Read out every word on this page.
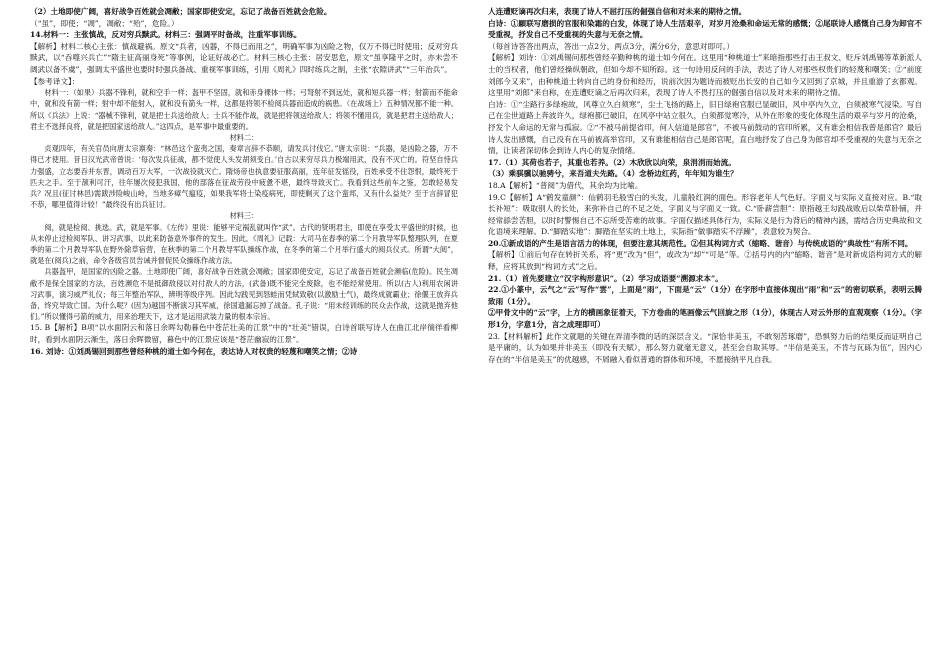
（2）土地即使广阔，喜好战争百姓就会凋敝；国家即使安定，忘记了战备百姓就会危险。

（“虽”，即使；“凋”，凋敝；“殆”，危险。）

14.材料一：主张慎战，反对穷兵黩武。材料三：强调平时备战，注重军事训练。

【解析】材料二核心主张：慎战避祸。原文“兵者，凶器，不得已而用之”，明确军事为凶险之物，仅万不得已时使用；反对穷兵黩武，以“吞噬兴兵亡”“隋主征高丽身死”等事例，论证好战必亡。材料三核心主张：居安思危，原文“虽享隆平之时，亦未尝不阔武以备不虞”，强调太平盛世也要时时强兵备战、重视军事训练，引用《周礼》四时练兵之制，主张“农隙讲武”“三年治兵”。

【参考译文】：

材料一：（如果）兵器不锋利，就和空手一样；盔甲不坚固，就和赤身裸体一样；弓弩射不到远处，就和短兵器一样；射箭而不能命中，就和没有箭一样；射中却不能射入，就和没有箭头一样，这都是将领不检阅兵器而造成的祸患。（在战场上）五种情况都不能一种。所以《兵法》上说：“器械不锋利，就是把士兵送给敌人；士兵不能作战，就是把将领送给敌人；将领不懂用兵，就是把君主送给敌人；君主不选择良将，就是把国家送给敌人。”这四点，是军事中最重要的。

材料二：

贞观四年，有关官员向唐太宗禀奏：“林邑这个蛮夷之国，奏章言辞不恭顺，请发兵讨伐它。”唐太宗说：“兵器，是凶险之器，万不得已才使用。昔日汉光武帝曾说：‘每次发兵征战，都不觉使人头发胡须变白。’自古以来穷尽兵力极端用武，没有不灭亡的。符坚自恃兵力强盛，立志要吞并东晋，调动百万大军，一次战役就灭亡。隋炀帝也执意要征服高丽，连年征发徭役，百姓承受不住怨恨，最终死于匹夫之手。至于颉利可汗，往年屡次侵犯我国，他的部落在征战劳役中疲惫不堪，最终导致灭亡。我看到这些前车之鉴，怎敢轻易发兵？况且(征讨林邑)需跋涉险峻山岭，当地多瘴气瘟疫，如果我军将士染疫病死，即使剿灭了这个蛮邦，又有什么益处？至于言辞冒犯不恭，哪里值得计较！”最终没有出兵征讨。

材料三：

阅，就是检阅、挑选。武，就是军事。《左传》里说：能够平定祸乱就叫作“武”。古代的贤明君主，即使在享受太平盛世的时候，也从未停止过检阅军队、讲习武事，以此来防备意外事件的发生。因此，《周礼》记载：大司马在春季的第二个月教导军队整理队列，在夏季的第二个月教导军队在野外除草宿营，在秋季的第二个月教导军队操练作战，在冬季的第二个月举行盛大的阅兵仪式。所谓“大阅”，就是在(阅兵)之前，命令各级官员告诫并督促民众操练作战方法。

兵器盔甲，是国家的凶险之器。土地即使广阔，喜好战争百姓就会凋敝；国家即使安定，忘记了战备百姓就会濒临(危险)。民生凋敝不是保全国家的方法，百姓濒危不是抵御敌侵以对付敌人的方法，(武备)既不能完全废除，也不能经常使用。所以(古人)利用农闲讲习武事，演习威严礼仪；每三年整治军队，辨明等级序列。因此勾践见到怒蛙而凭轼致敬(以激励士气)，最终成就霸业；徐偃王放弃兵备，终究导致亡国。为什么呢？(因为)越国不断演习其军威，徐国遗漏忘掉了战备。孔子说：“用未经训练的民众去作战，这就是抛弃他们。”所以懂得弓箭的威力，用来治理天下，这才是运用武装力量的根本宗旨。

15. B【解析】B项“以水面阴云和落日余晖勾勒暮色中苍茫壮美的江景”中的“壮美”错误，白诗首联写诗人在曲江北岸徜徉看柳时，看到水面阴云渐生，落日余晖微留，暮色中的江景应该是“苍茫幽寂的江景”。

16. 刘诗：①刘禹锡回到那些曾经种桃的道士如今何在，表达诗人对权贵的轻蔑和嘲笑之情；②诗

人连遭贬谪再次归来，表现了诗人不屈打压的倔强自信和对未来的期待之情。

白诗：①願联写磨损的官服和染霜的白发，体现了诗人生活艰辛，对岁月沧桑和命运无常的感慨；②尾联诗人感慨自己身为卸官不受重视，抒发自己不受重视的失意与无奈之情。

（每首诗答答出两点，答出一点2分，两点3分，满分6分，意思对即可。）

【解析】刘诗：①刘禹锡问那些曾经辛勤种桃的道士如今何在。这里用“种桃道士”来暗指那些打击王叔文、贬斥刘禹锡等革新派人士的当权者，他们曾经操纵朝政，但如今却不知所踪。这一句诗用反问的手法，表达了诗人对那些权贵们的轻蔑和嘲笑；②“前度刘郎今又来”，由种桃道士转向自己的身份和经历，说前次因为题诗而被贬出长安的自己如今又回到了京城，并且重游了玄都观。这里用“刘郎”来自称，在连遭贬谪之后再次归来，表现了诗人不畏打压的倔强自信以及对未来的期待之情。

白诗：①“尘路行多绿袍故，风尊立久白须寒”，尘土飞扬的路上，旧日绿袍官服已显破旧，风中亭内久立，白须被寒气浸染。写自己在尘世道路上奔波许久，绿袍都已破旧，在风亭中站立很久，白须都觉寒冷，从外在形象的变化体现生活的艰辛与岁月的沧桑，抒发个人命运的无常与孤寂。②“不被马前提省印，何人信道是郎官”，不被马前鼓动的官印所累，又有谁会相信我曾是郎官？最后诗人发出感慨，自己没有在马前被高举官印，又有谁能相信自己是郎官呢，直白地抒发了自己身为郎官却不受重视的失意与无奈之情，让读者深切体会到诗人内心的复杂情绪。

17.（1）其荷也若子，其重也若养。（2）木欣欣以向荣，泉涓涓而始流。

（3）乘骐骥以驰骋兮，来吾道夫先路。（4）念桥边红药，年年知为谁生？

18.A【解析】“普阅”为借代，其余均为比喻。

19.C【解析】A“鹤发童颜”：仙鹤羽毛般雪白的头发，儿童般红润的面色。形容老年人气色好。字面义与实际义直接对应。B.“取长补短”：吸取别人的长处，来弥补自己的不足之处，字面义与字面义一致。C.“卧薪尝胆”：原指越王勾践战败后以柴草卧铺，并经常舔尝苦胆，以时时警惕自己不忘所受苦难的故事。字面仅描述具体行为，实际义是行为背后的精神内涵，需结合历史典故和文化语境来理解。D.“脚踏实地”：脚踏在坚实的土地上，实际指“做事踏实不浮躁”，表意较为契合。

20.①新成语的产生是语言活力的体现，但要注意其规范性。②但其构词方式（缩略、谐音）与传统成语的“典故性”有所不同。

【解析】①前后句存在转折关系，将“更”改为“但”，或改为“却”“可是”等。②括号内的内“缩略、谐音”是对新成语构词方式的解释，应将其放到“构词方式”之后。

21.（1）首先要建立“汉字构形意识”。（2）学习成语要“溯源求本”。

22.①小篆中，云气之“云”写作“雲”，上面是“雨”，下面是“云”（1分）在字形中直接体现出“雨”和“云”的密切联系，表明云腾致雨（1分）。

②甲骨文中的“云”字，上方的横画象征着天，下方卷曲的笔画像云气回旋之形（1分），体现古人对云外形的直观观察（1分）。（字形1分，字意1分，言之成理即可）

23.【材料解析】此作文就题的关键在弄清李微的话的深层含义。“深恰非美玉，不敢刻苦琢磨”，恐惧努力后的结果反而证明自己是平庸的，认为如果并非美玉（即没有天赋），那么努力就毫无意义，甚至会自取其辱。“半信是美玉，不肯与瓦砾为伍”，因内心存在的“半信是美玉”的优越感，不屑融入看似普通的群体和环境，不愿接纳平凡自我。
